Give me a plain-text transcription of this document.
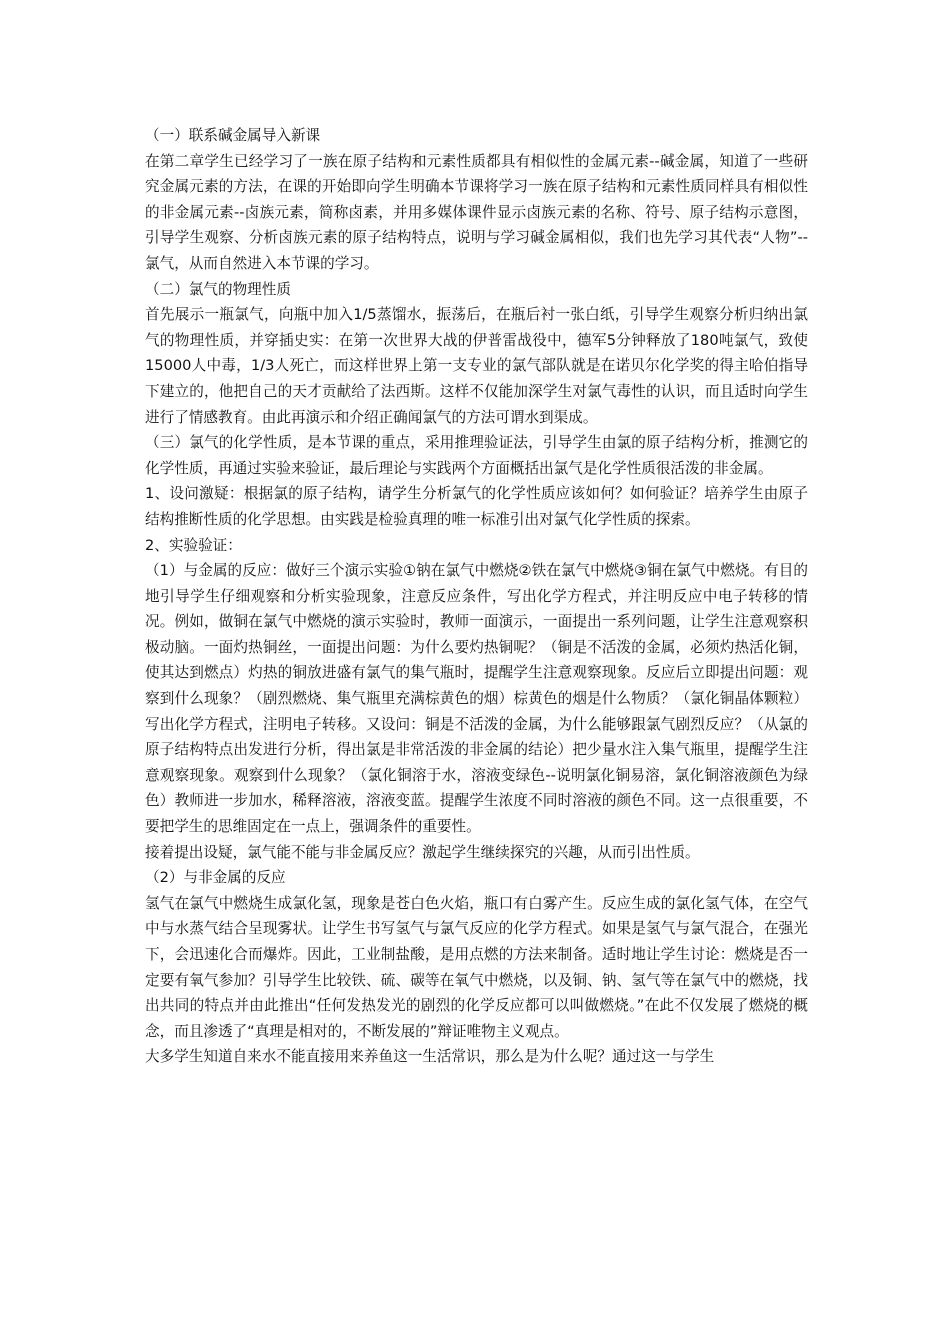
（一）联系碱金属导入新课

在第二章学生已经学习了一族在原子结构和元素性质都具有相似性的金属元素--碱金属，知道了一些研究金属元素的方法，在课的开始即向学生明确本节课将学习一族在原子结构和元素性质同样具有相似性的非金属元素--卤族元素，简称卤素，并用多媒体课件显示卤族元素的名称、符号、原子结构示意图，引导学生观察、分析卤族元素的原子结构特点，说明与学习碱金属相似，我们也先学习其代表“人物”--氯气，从而自然进入本节课的学习。

（二）氯气的物理性质

首先展示一瓶氯气，向瓶中加入1/5蒸馏水，振荡后，在瓶后衬一张白纸，引导学生观察分析归纳出氯气的物理性质，并穿插史实：在第一次世界大战的伊普雷战役中，德军5分钟释放了180吨氯气，致使15000人中毒，1/3人死亡，而这样世界上第一支专业的氯气部队就是在诺贝尔化学奖的得主哈伯指导下建立的，他把自己的天才贡献给了法西斯。这样不仅能加深学生对氯气毒性的认识，而且适时向学生进行了情感教育。由此再演示和介绍正确闻氯气的方法可谓水到渠成。

（三）氯气的化学性质，是本节课的重点，采用推理验证法，引导学生由氯的原子结构分析，推测它的化学性质，再通过实验来验证，最后理论与实践两个方面概括出氯气是化学性质很活泼的非金属。

1、设问激疑：根据氯的原子结构，请学生分析氯气的化学性质应该如何？如何验证？培养学生由原子结构推断性质的化学思想。由实践是检验真理的唯一标准引出对氯气化学性质的探索。

2、实验验证：

（1）与金属的反应：做好三个演示实验①钠在氯气中燃烧②铁在氯气中燃烧③铜在氯气中燃烧。有目的地引导学生仔细观察和分析实验现象，注意反应条件，写出化学方程式，并注明反应中电子转移的情况。例如，做铜在氯气中燃烧的演示实验时，教师一面演示，一面提出一系列问题，让学生注意观察积极动脑。一面灼热铜丝，一面提出问题：为什么要灼热铜呢？（铜是不活泼的金属，必须灼热活化铜，使其达到燃点）灼热的铜放进盛有氯气的集气瓶时，提醒学生注意观察现象。反应后立即提出问题：观察到什么现象？（剧烈燃烧、集气瓶里充满棕黄色的烟）棕黄色的烟是什么物质？（氯化铜晶体颗粒）写出化学方程式，注明电子转移。又设问：铜是不活泼的金属，为什么能够跟氯气剧烈反应？（从氯的原子结构特点出发进行分析，得出氯是非常活泼的非金属的结论）把少量水注入集气瓶里，提醒学生注意观察现象。观察到什么现象？（氯化铜溶于水，溶液变绿色--说明氯化铜易溶，氯化铜溶液颜色为绿色）教师进一步加水，稀释溶液，溶液变蓝。提醒学生浓度不同时溶液的颜色不同。这一点很重要，不要把学生的思维固定在一点上，强调条件的重要性。

接着提出设疑，氯气能不能与非金属反应？激起学生继续探究的兴趣，从而引出性质。

（2）与非金属的反应

氢气在氯气中燃烧生成氯化氢，现象是苍白色火焰，瓶口有白雾产生。反应生成的氯化氢气体，在空气中与水蒸气结合呈现雾状。让学生书写氢气与氯气反应的化学方程式。如果是氢气与氯气混合，在强光下，会迅速化合而爆炸。因此，工业制盐酸，是用点燃的方法来制备。适时地让学生讨论：燃烧是否一定要有氧气参加？引导学生比较铁、硫、碳等在氧气中燃烧，以及铜、钠、氢气等在氯气中的燃烧，找出共同的特点并由此推出“任何发热发光的剧烈的化学反应都可以叫做燃烧。”在此不仅发展了燃烧的概念，而且渗透了“真理是相对的，不断发展的”辩证唯物主义观点。

大多学生知道自来水不能直接用来养鱼这一生活常识，那么是为什么呢？通过这一与学生
